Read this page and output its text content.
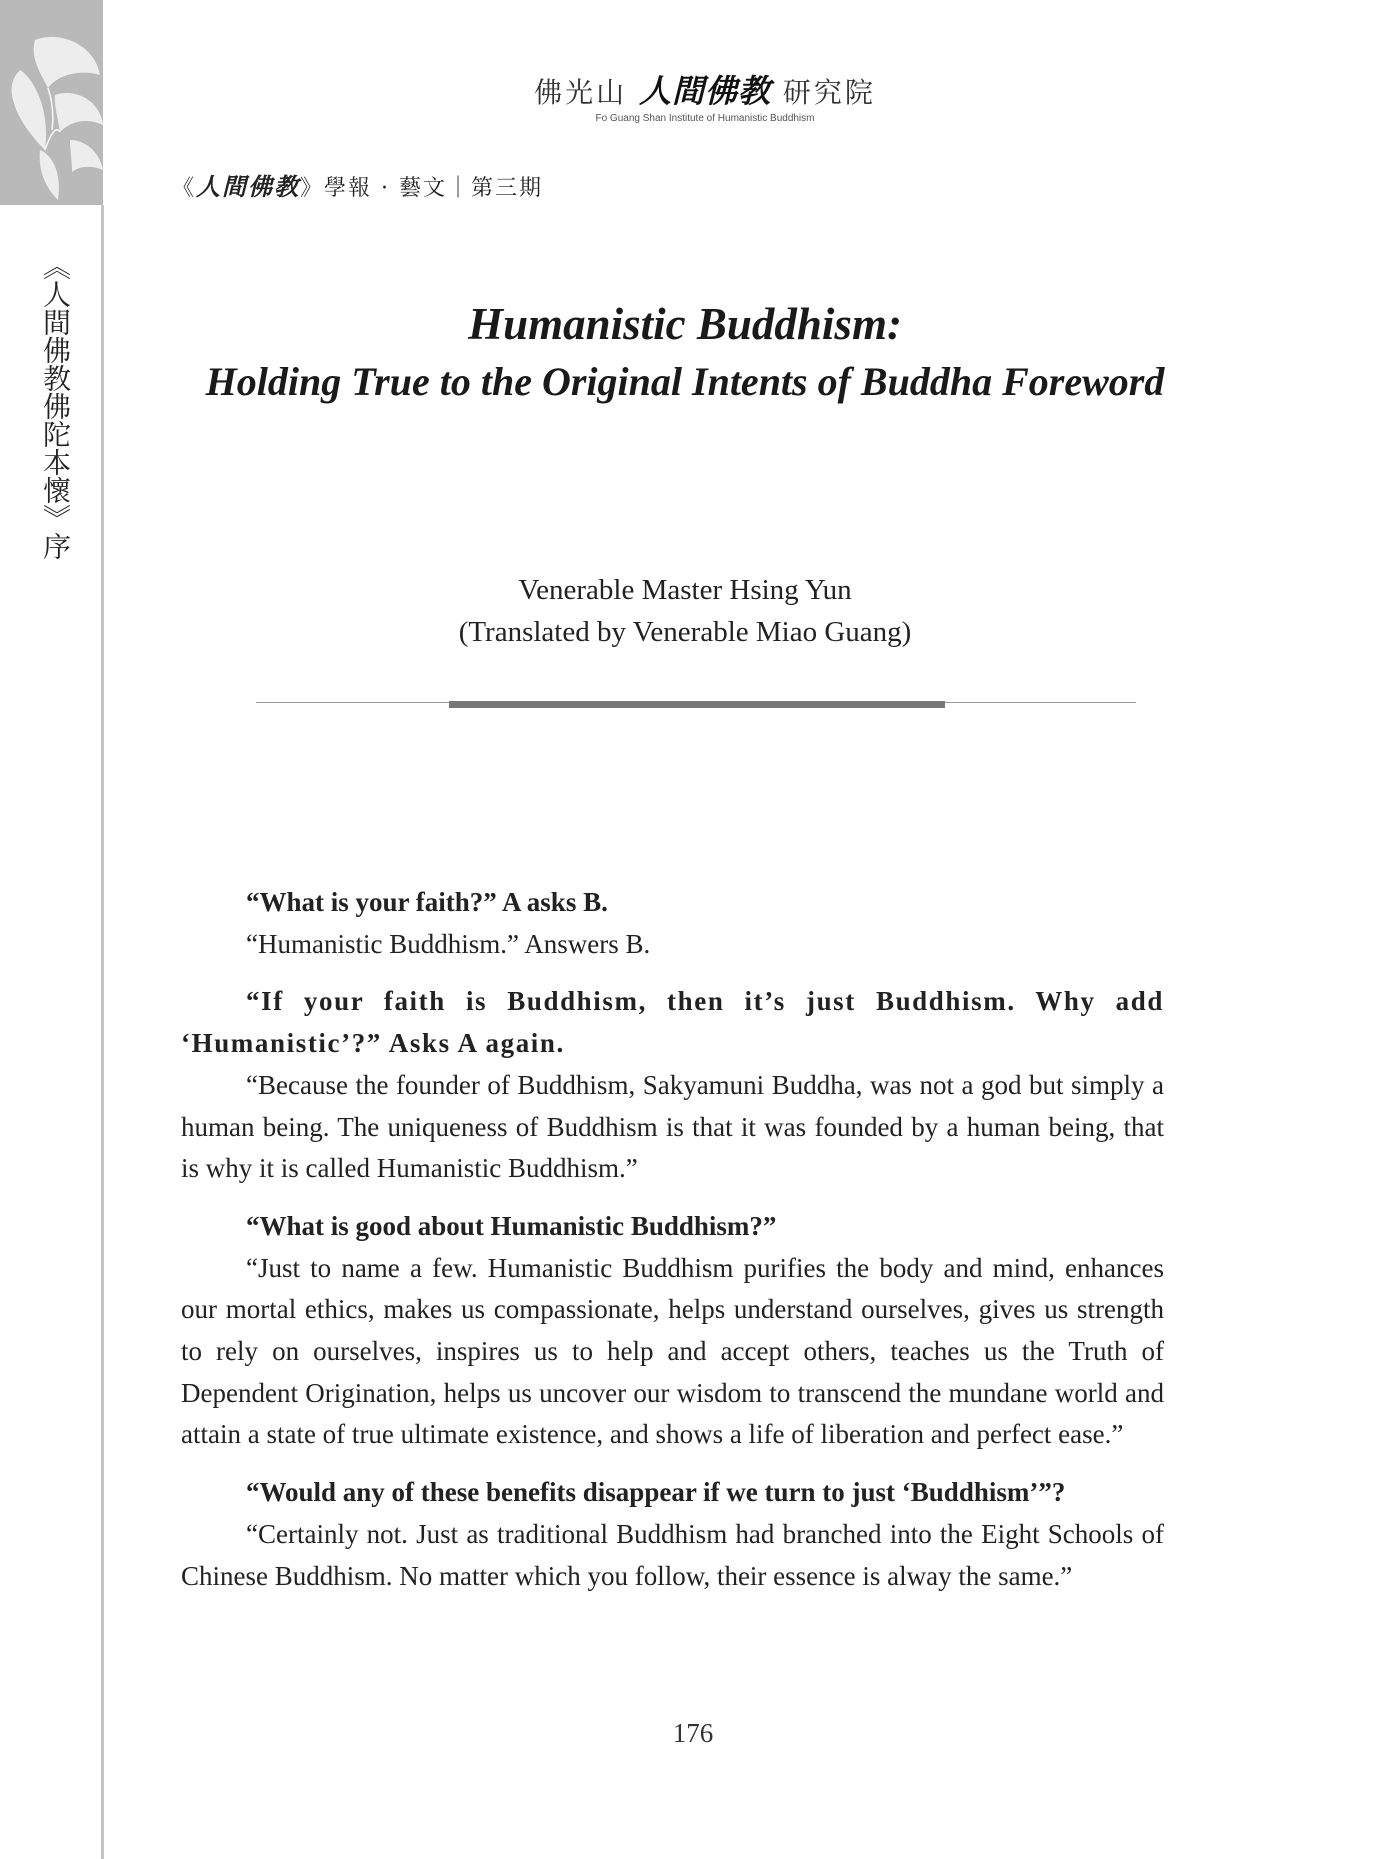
《人間佛教佛陀本懷》序
佛光山 人間佛教 研究院
Fo Guang Shan Institute of Humanistic Buddhism
《人間佛教》學報 · 藝文｜第三期
Humanistic Buddhism:
Holding True to the Original Intents of Buddha Foreword
Venerable Master Hsing Yun
(Translated by Venerable Miao Guang)

“What is your faith?” A asks B.

“Humanistic Buddhism.” Answers B.

“If your faith is Buddhism, then it’s just Buddhism. Why add ‘Humanistic’?” Asks A again.

“Because the founder of Buddhism, Sakyamuni Buddha, was not a god but simply a human being. The uniqueness of Buddhism is that it was founded by a human being, that is why it is called Humanistic Buddhism.”

“What is good about Humanistic Buddhism?”

“Just to name a few. Humanistic Buddhism purifies the body and mind, enhances our mortal ethics, makes us compassionate, helps understand ourselves, gives us strength to rely on ourselves, inspires us to help and accept others, teaches us the Truth of Dependent Origination, helps us uncover our wisdom to transcend the mundane world and attain a state of true ultimate existence, and shows a life of liberation and perfect ease.”

“Would any of these benefits disappear if we turn to just ‘Buddhism’”?

“Certainly not. Just as traditional Buddhism had branched into the Eight Schools of Chinese Buddhism. No matter which you follow, their essence is alway the same.”

176
